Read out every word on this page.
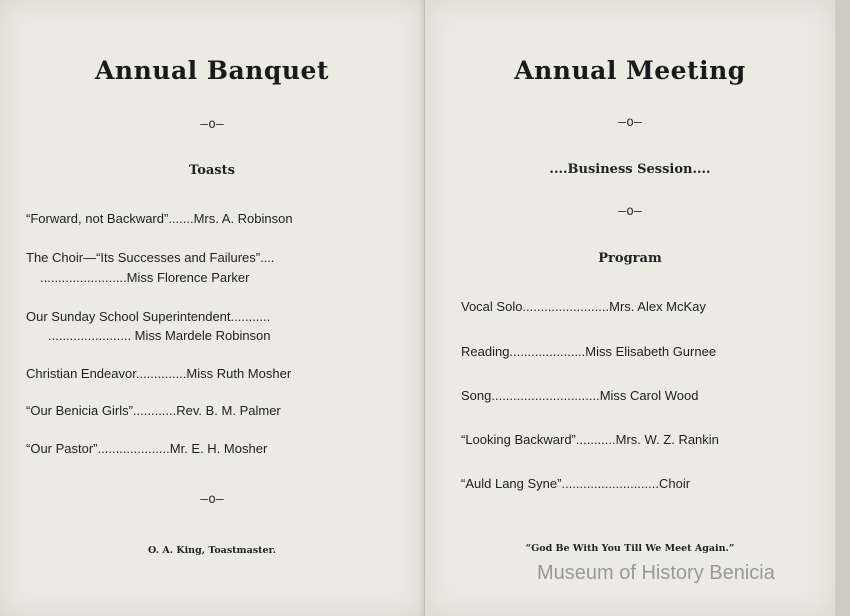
Annual Banquet
—o—
Toasts
“Forward, not Backward”.......Mrs. A. Robinson
The Choir—“Its Successes and Failures”....
........................Miss Florence Parker
Our Sunday School Superintendent...........
....................... Miss Mardele Robinson
Christian Endeavor..............Miss Ruth Mosher
“Our Benicia Girls”............Rev. B. M. Palmer
“Our Pastor”....................Mr. E. H. Mosher
—o—
O. A. King, Toastmaster.
Annual Meeting
—o—
....Business Session....
—o—
Program
Vocal Solo........................Mrs. Alex McKay
Reading.....................Miss Elisabeth Gurnee
Song..............................Miss Carol Wood
“Looking Backward”...........Mrs. W. Z. Rankin
“Auld Lang Syne”...........................Choir
“God Be With You Till We Meet Again.”
Museum of History Benicia
